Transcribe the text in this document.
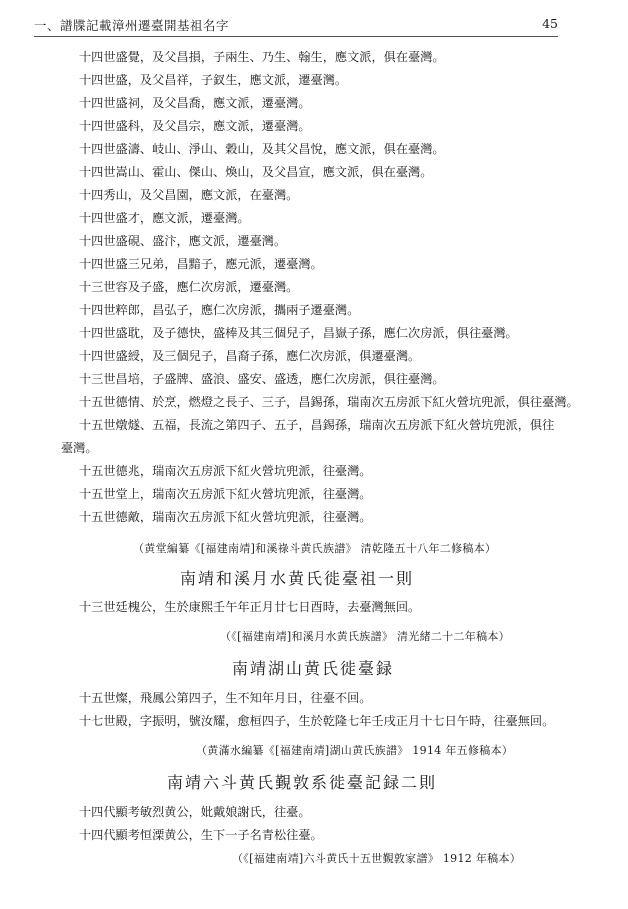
一、譜牒記載漳州遷臺開基祖名字	45
十四世盛覺，及父昌損，子兩生、乃生、翰生，應文派，俱在臺灣。
十四世盛，及父昌祥，子釵生，應文派，遷臺灣。
十四世盛祠，及父昌喬，應文派，遷臺灣。
十四世盛科，及父昌宗，應文派，遷臺灣。
十四世盛濤、岐山、淨山、穀山，及其父昌悅，應文派，俱在臺灣。
十四世嵩山、霍山、傑山、煥山，及父昌宣，應文派，俱在臺灣。
十四秀山，及父昌園，應文派，在臺灣。
十四世盛才，應文派，遷臺灣。
十四世盛硯、盛汴，應文派，遷臺灣。
十四世盛三兄弟，昌黯子，應元派，遷臺灣。
十三世容及子盛，應仁次房派，遷臺灣。
十四世粹郎，昌弘子，應仁次房派，攜兩子遷臺灣。
十四世盛耽，及子德快，盛棒及其三個兒子，昌嶽子孫，應仁次房派，俱往臺灣。
十四世盛綬，及三個兒子，昌裔子孫，應仁次房派，俱遷臺灣。
十三世昌培，子盛牌、盛浪、盛安、盛透，應仁次房派，俱往臺灣。
十五世德情、於烹，燃燈之長子、三子，昌錫孫，瑞南次五房派下紅火營坑兜派，俱往臺灣。
十五世燉燧、五福，長流之第四子、五子，昌錫孫，瑞南次五房派下紅火營坑兜派，俱往
臺灣。
十五世德兆，瑞南次五房派下紅火營坑兜派，往臺灣。
十五世堂上，瑞南次五房派下紅火營坑兜派，往臺灣。
十五世德敵，瑞南次五房派下紅火營坑兜派，往臺灣。
（黄堂編纂《[福建南靖]和溪祿斗黄氏族譜》 清乾隆五十八年二修稿本）
南靖和溪月水黄氏徙臺祖一則
十三世廷槐公，生於康熙壬午年正月廿七日酉時，去臺灣無回。
（《[福建南靖]和溪月水黄氏族譜》 清光緒二十二年稿本）
南靖湖山黄氏徙臺録
十五世燦，飛鳳公第四子，生不知年月日，往臺不回。
十七世殿，字振明，號汝耀，愈桓四子，生於乾隆七年壬戌正月十七日午時，往臺無回。
（黄滿水編纂《[福建南靖]湖山黄氏族譜》 1914 年五修稿本）
南靖六斗黄氏覲敦系徙臺記録二則
十四代顯考敏烈黄公，妣戴娘謝氏，往臺。
十四代顯考恒溧黄公，生下一子名青松往臺。
（《[福建南靖]六斗黄氏十五世覲敦家譜》 1912 年稿本）
